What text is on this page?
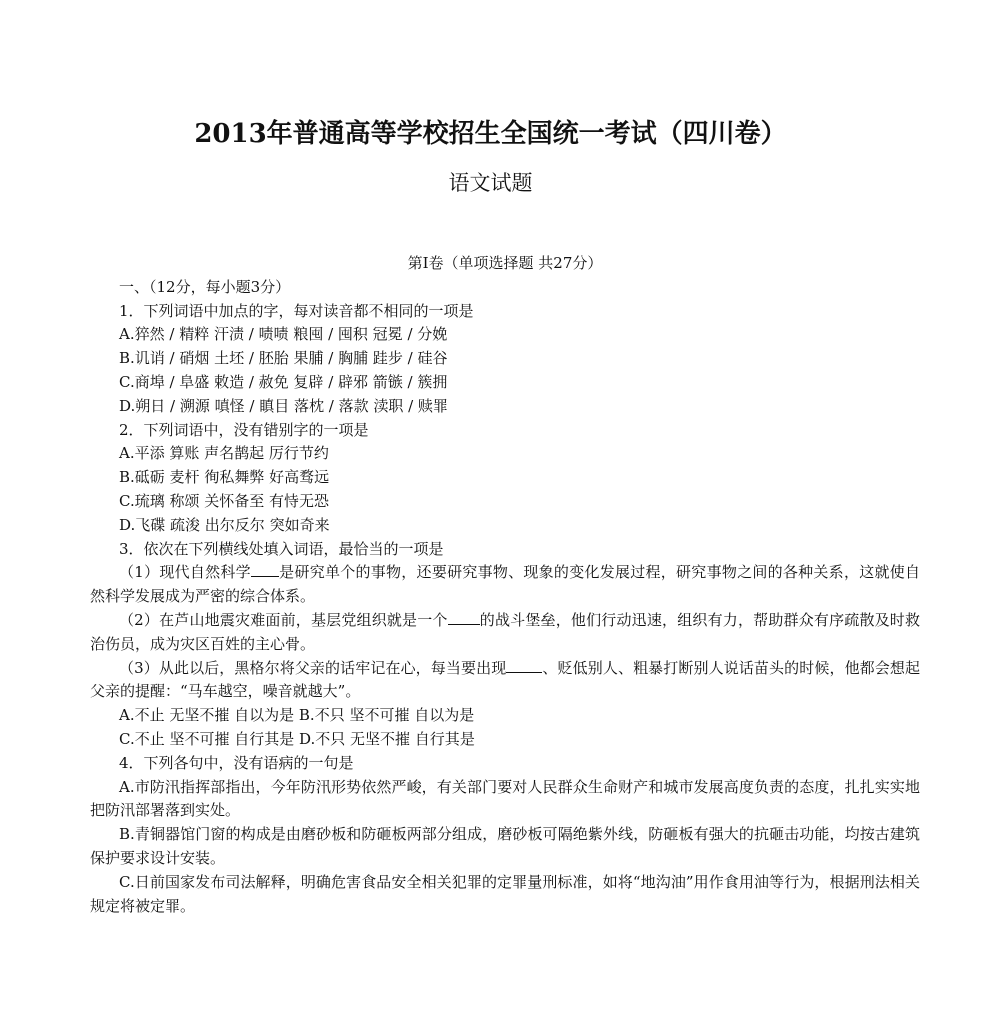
2013年普通高等学校招生全国统一考试（四川卷）
语文试题
第Ⅰ卷（单项选择题 共27分）
一、（12分，每小题3分）
1．下列词语中加点的字，每对读音都不相同的一项是
A.猝然 / 精粹 汗渍 / 啧啧 粮囤 / 囤积 冠冕 / 分娩
B.讥诮 / 硝烟 土坯 / 胚胎 果脯 / 胸脯 跬步 / 硅谷
C.商埠 / 阜盛 敕造 / 赦免 复辟 / 辟邪 箭镞 / 簇拥
D.朔日 / 溯源 嗔怪 / 瞋目 落枕 / 落款 渎职 / 赎罪
2．下列词语中，没有错别字的一项是
A.平添 算账 声名鹊起 厉行节约
B.砥砺 麦杆 徇私舞弊 好高骛远
C.琉璃 称颂 关怀备至 有恃无恐
D.飞碟 疏浚 出尔反尔 突如奇来
3．依次在下列横线处填入词语，最恰当的一项是
（1）现代自然科学 是研究单个的事物，还要研究事物、现象的变化发展过程，研究事物之间的各种关系，这就使自然科学发展成为严密的综合体系。
（2）在芦山地震灾难面前，基层党组织就是一个 的战斗堡垒，他们行动迅速，组织有力，帮助群众有序疏散及时救治伤员，成为灾区百姓的主心骨。
（3）从此以后，黑格尔将父亲的话牢记在心，每当要出现 、贬低别人、粗暴打断别人说话苗头的时候，他都会想起父亲的提醒：“马车越空，噪音就越大”。
A.不止 无坚不摧 自以为是 B.不只 坚不可摧 自以为是
C.不止 坚不可摧 自行其是 D.不只 无坚不摧 自行其是
4．下列各句中，没有语病的一句是
A.市防汛指挥部指出，今年防汛形势依然严峻，有关部门要对人民群众生命财产和城市发展高度负责的态度，扎扎实实地把防汛部署落到实处。
B.青铜器馆门窗的构成是由磨砂板和防砸板两部分组成，磨砂板可隔绝紫外线，防砸板有强大的抗砸击功能，均按古建筑保护要求设计安装。
C.日前国家发布司法解释，明确危害食品安全相关犯罪的定罪量刑标准，如将“地沟油”用作食用油等行为，根据刑法相关规定将被定罪。
